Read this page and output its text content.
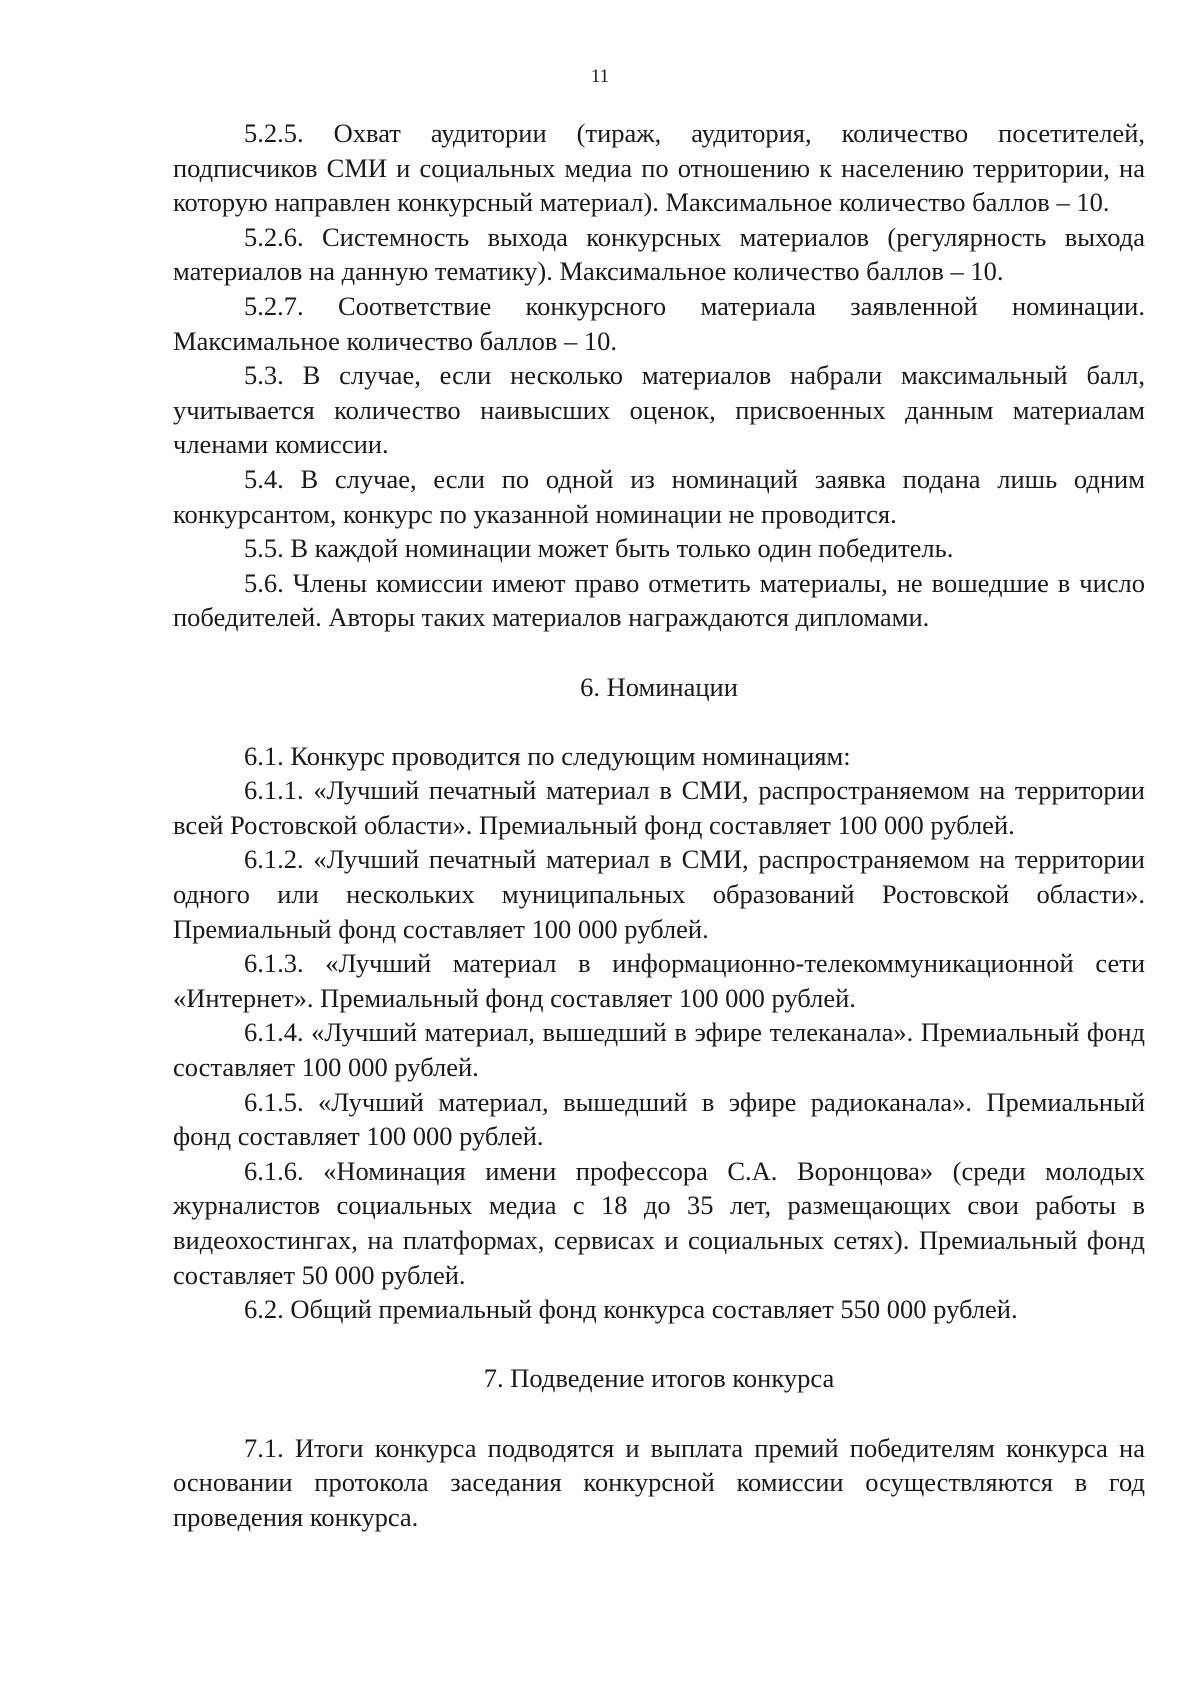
11

5.2.5. Охват аудитории (тираж, аудитория, количество посетителей, подписчиков СМИ и социальных медиа по отношению к населению территории, на которую направлен конкурсный материал). Максимальное количество баллов – 10.

5.2.6. Системность выхода конкурсных материалов (регулярность выхода материалов на данную тематику). Максимальное количество баллов – 10.

5.2.7. Соответствие конкурсного материала заявленной номинации. Максимальное количество баллов – 10.

5.3. В случае, если несколько материалов набрали максимальный балл, учитывается количество наивысших оценок, присвоенных данным материалам членами комиссии.

5.4. В случае, если по одной из номинаций заявка подана лишь одним конкурсантом, конкурс по указанной номинации не проводится.

5.5. В каждой номинации может быть только один победитель.

5.6. Члены комиссии имеют право отметить материалы, не вошедшие в число победителей. Авторы таких материалов награждаются дипломами.

6. Номинации

6.1. Конкурс проводится по следующим номинациям:

6.1.1. «Лучший печатный материал в СМИ, распространяемом на территории всей Ростовской области». Премиальный фонд составляет 100 000 рублей.

6.1.2. «Лучший печатный материал в СМИ, распространяемом на территории одного или нескольких муниципальных образований Ростовской области». Премиальный фонд составляет 100 000 рублей.

6.1.3. «Лучший материал в информационно-телекоммуникационной сети «Интернет». Премиальный фонд составляет 100 000 рублей.

6.1.4. «Лучший материал, вышедший в эфире телеканала». Премиальный фонд составляет 100 000 рублей.

6.1.5. «Лучший материал, вышедший в эфире радиоканала». Премиальный фонд составляет 100 000 рублей.

6.1.6. «Номинация имени профессора С.А. Воронцова» (среди молодых журналистов социальных медиа с 18 до 35 лет, размещающих свои работы в видеохостингах, на платформах, сервисах и социальных сетях). Премиальный фонд составляет 50 000 рублей.

6.2. Общий премиальный фонд конкурса составляет 550 000 рублей.

7. Подведение итогов конкурса

7.1. Итоги конкурса подводятся и выплата премий победителям конкурса на основании протокола заседания конкурсной комиссии осуществляются в год проведения конкурса.
